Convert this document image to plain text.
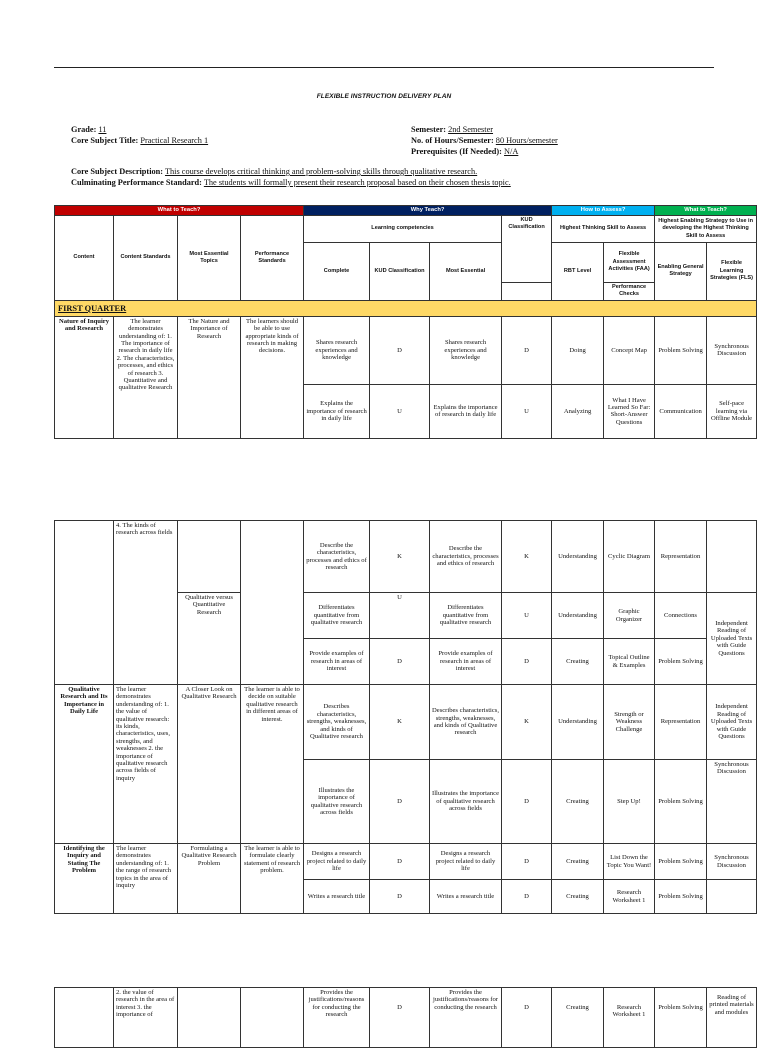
FLEXIBLE INSTRUCTION DELIVERY PLAN
Grade: 11
Core Subject Title: Practical Research 1
Semester: 2nd Semester
No. of Hours/Semester: 80 Hours/semester
Prerequisites (If Needed): N/A
Core Subject Description: This course develops critical thinking and problem-solving skills through qualitative research.
Culminating Performance Standard: The students will formally present their research proposal based on their chosen thesis topic.
What to Teach?				Why Teach?				How to Assess?		What to Teach?	
Content	Content Standards	Most Essential Topics	Performance Standards	Learning competencies			KUD Classification	Highest Thinking Skill to Assess		Highest Enabling Strategy to Use in developing the Highest Thinking Skill to Assess	
				Complete	KUD Classification	Most Essential		RBT Level	Flexible Assessment Activities (FAA)	Enabling General Strategy	Flexible Learning Strategies (FLS)
									Performance Checks		
FIRST QUARTER											
Nature of Inquiry and Research	The learner demonstrates understanding of: 1. The importance of research in daily life 2. The characteristics, processes, and ethics of research 3. Quantitative and qualitative Research	The Nature and Importance of Research	The learners should be able to use appropriate kinds of research in making decisions.	Shares research experiences and knowledge	D	Shares research experiences and knowledge	D	Doing	Concept Map	Problem Solving	Synchronous Discussion
				Explains the importance of research in daily life	U	Explains the importance of research in daily life	U	Analyzing	What I Have Learned So Far: Short-Answer Questions	Communication	Self-pace learning via Offline Module
	4. The kinds of research across fields			Describe the characteristics, processes and ethics of research	K	Describe the characteristics, processes and ethics of research	K	Understanding	Cyclic Diagram	Representation	
		Qualitative versus Quantitative Research		Differentiates quantitative from qualitative research	U	Differentiates quantitative from qualitative research	U	Understanding	Graphic Organizer	Connections	Independent Reading of Uploaded Texts with Guide Questions
				Provide examples of research in areas of interest	D	Provide examples of research in areas of interest	D	Creating	Topical Outline & Examples	Problem Solving	
Qualitative Research and Its Importance in Daily Life	The learner demonstrates understanding of: 1. the value of qualitative research: its kinds, characteristics, uses, strengths, and weaknesses 2. the importance of qualitative research across fields of inquiry	A Closer Look on Qualitative Research	The learner is able to decide on suitable qualitative research in different areas of interest.	Describes characteristics, strengths, weaknesses, and kinds of Qualitative research	K	Describes characteristics, strengths, weaknesses, and kinds of Qualitative research	K	Understanding	Strength or Weakness Challenge	Representation	Independent Reading of Uploaded Texts with Guide Questions
				Illustrates the importance of qualitative research across fields	D	Illustrates the importance of qualitative research across fields	D	Creating	Step Up!	Problem Solving	Synchronous Discussion
Identifying the Inquiry and Stating The Problem	The learner demonstrates understanding of: 1. the range of research topics in the area of inquiry	Formulating a Qualitative Research Problem	The learner is able to formulate clearly statement of research problem.	Designs a research project related to daily life	D	Designs a research project related to daily life	D	Creating	List Down the Topic You Want!	Problem Solving	Synchronous Discussion
				Writes a research title	D	Writes a research title	D	Creating	Research Worksheet 1	Problem Solving	
	2. the value of research in the area of interest 3. the importance of			Provides the justifications/reasons for conducting the research	D	Provides the justifications/reasons for conducting the research	D	Creating	Research Worksheet 1	Problem Solving	Reading of printed materials and modules
